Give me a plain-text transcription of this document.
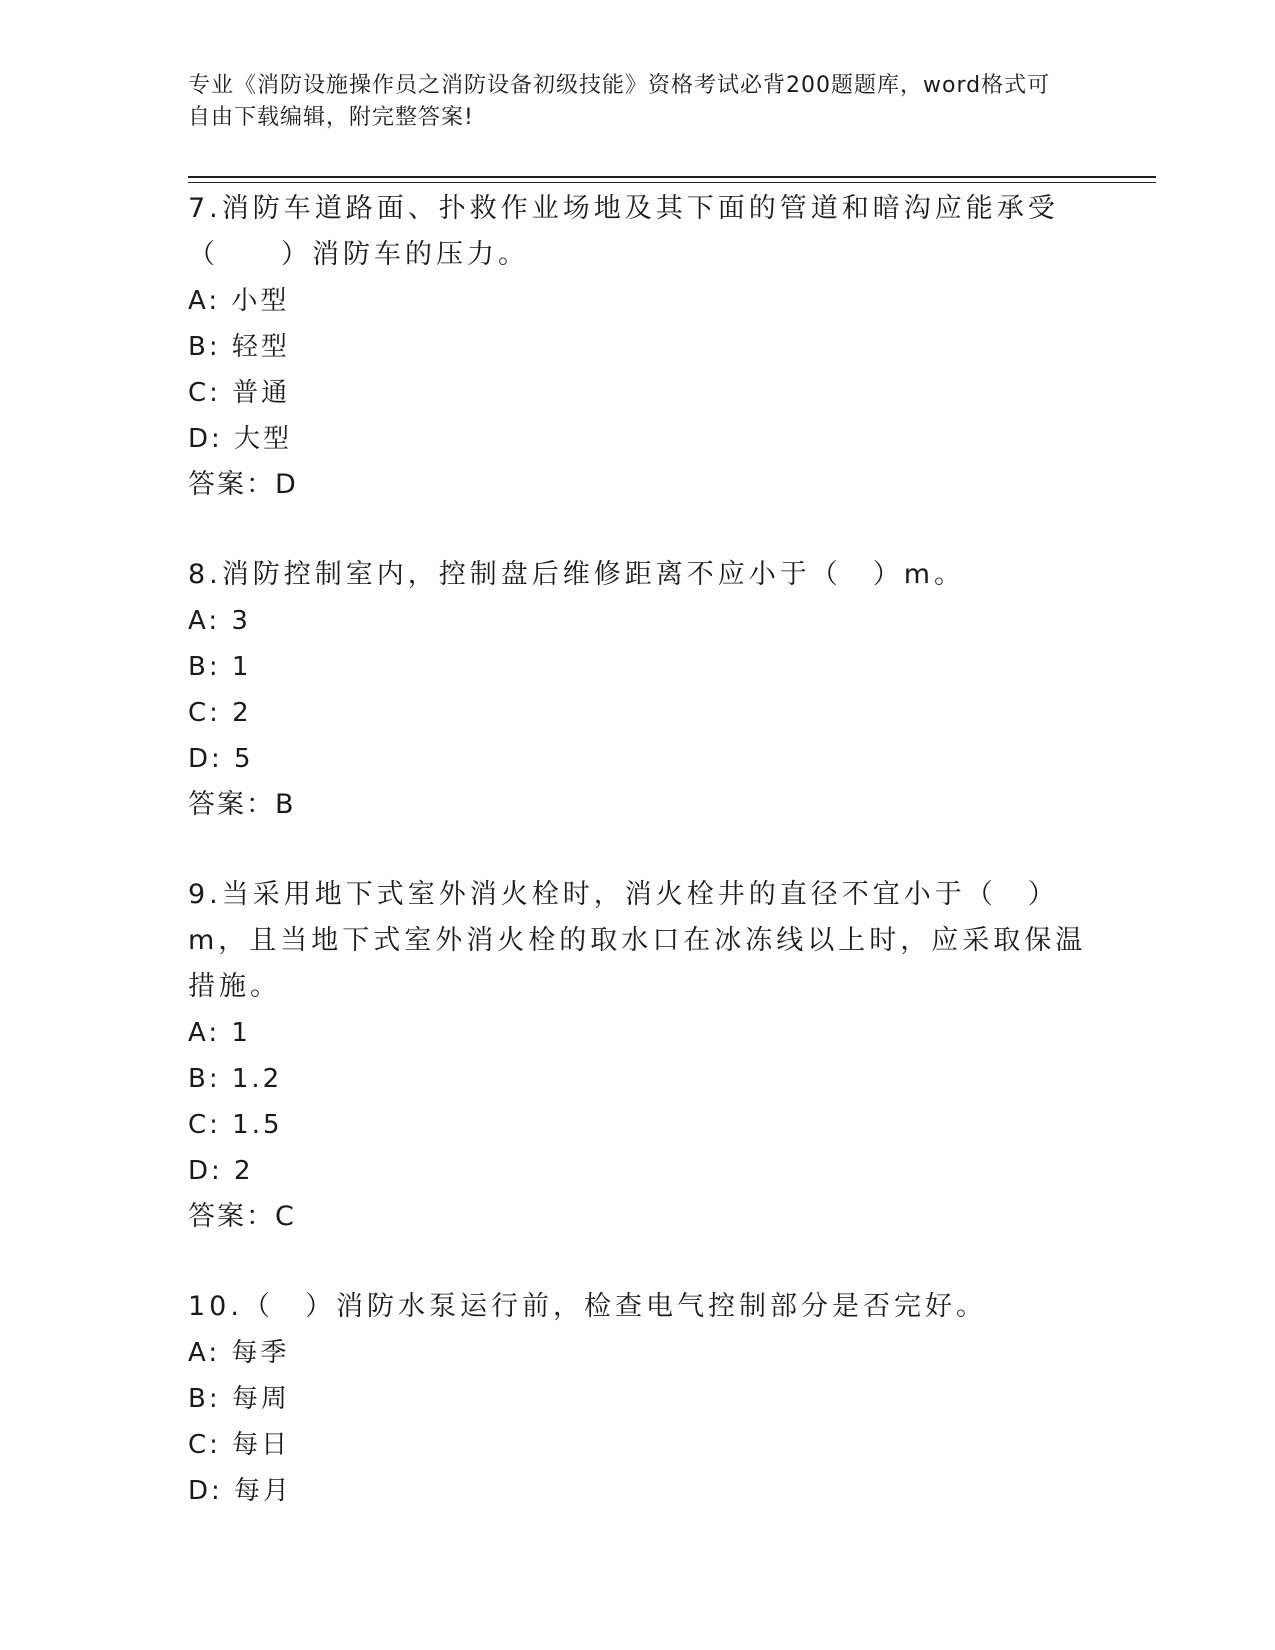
专业《消防设施操作员之消防设备初级技能》资格考试必背200题题库，word格式可自由下载编辑，附完整答案!

7.消防车道路面、扑救作业场地及其下面的管道和暗沟应能承受（　　）消防车的压力。

A: 小型

B: 轻型

C: 普通

D: 大型

答案：D

8.消防控制室内，控制盘后维修距离不应小于（　）m。

A: 3

B: 1

C: 2

D: 5

答案：B

9.当采用地下式室外消火栓时，消火栓井的直径不宜小于（　）m，且当地下式室外消火栓的取水口在冰冻线以上时，应采取保温措施。

A: 1

B: 1.2

C: 1.5

D: 2

答案：C

10.（　）消防水泵运行前，检查电气控制部分是否完好。

A: 每季

B: 每周

C: 每日

D: 每月
